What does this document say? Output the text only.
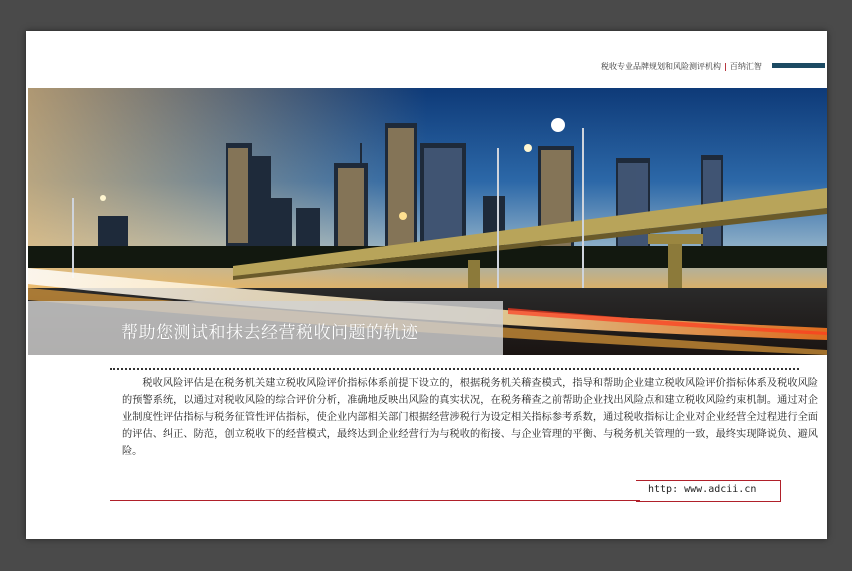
税收专业品牌规划和风险测评机构 | 百纳汇智
帮助您测试和抹去经营税收问题的轨迹

税收风险评估是在税务机关建立税收风险评价指标体系前提下设立的，根据税务机关稽查模式，指导和帮助企业建立税收风险评价指标体系及税收风险的预警系统，以通过对税收风险的综合评价分析，准确地反映出风险的真实状况，在税务稽查之前帮助企业找出风险点和建立税收风险约束机制。通过对企业制度性评估指标与税务征管性评估指标，使企业内部相关部门根据经营涉税行为设定相关指标参考系数，通过税收指标让企业对企业经营全过程进行全面的评估、纠正、防范，创立税收下的经营模式，最终达到企业经营行为与税收的衔接、与企业管理的平衡、与税务机关管理的一致，最终实现降说负、避风险。

http: www.adcii.cn
